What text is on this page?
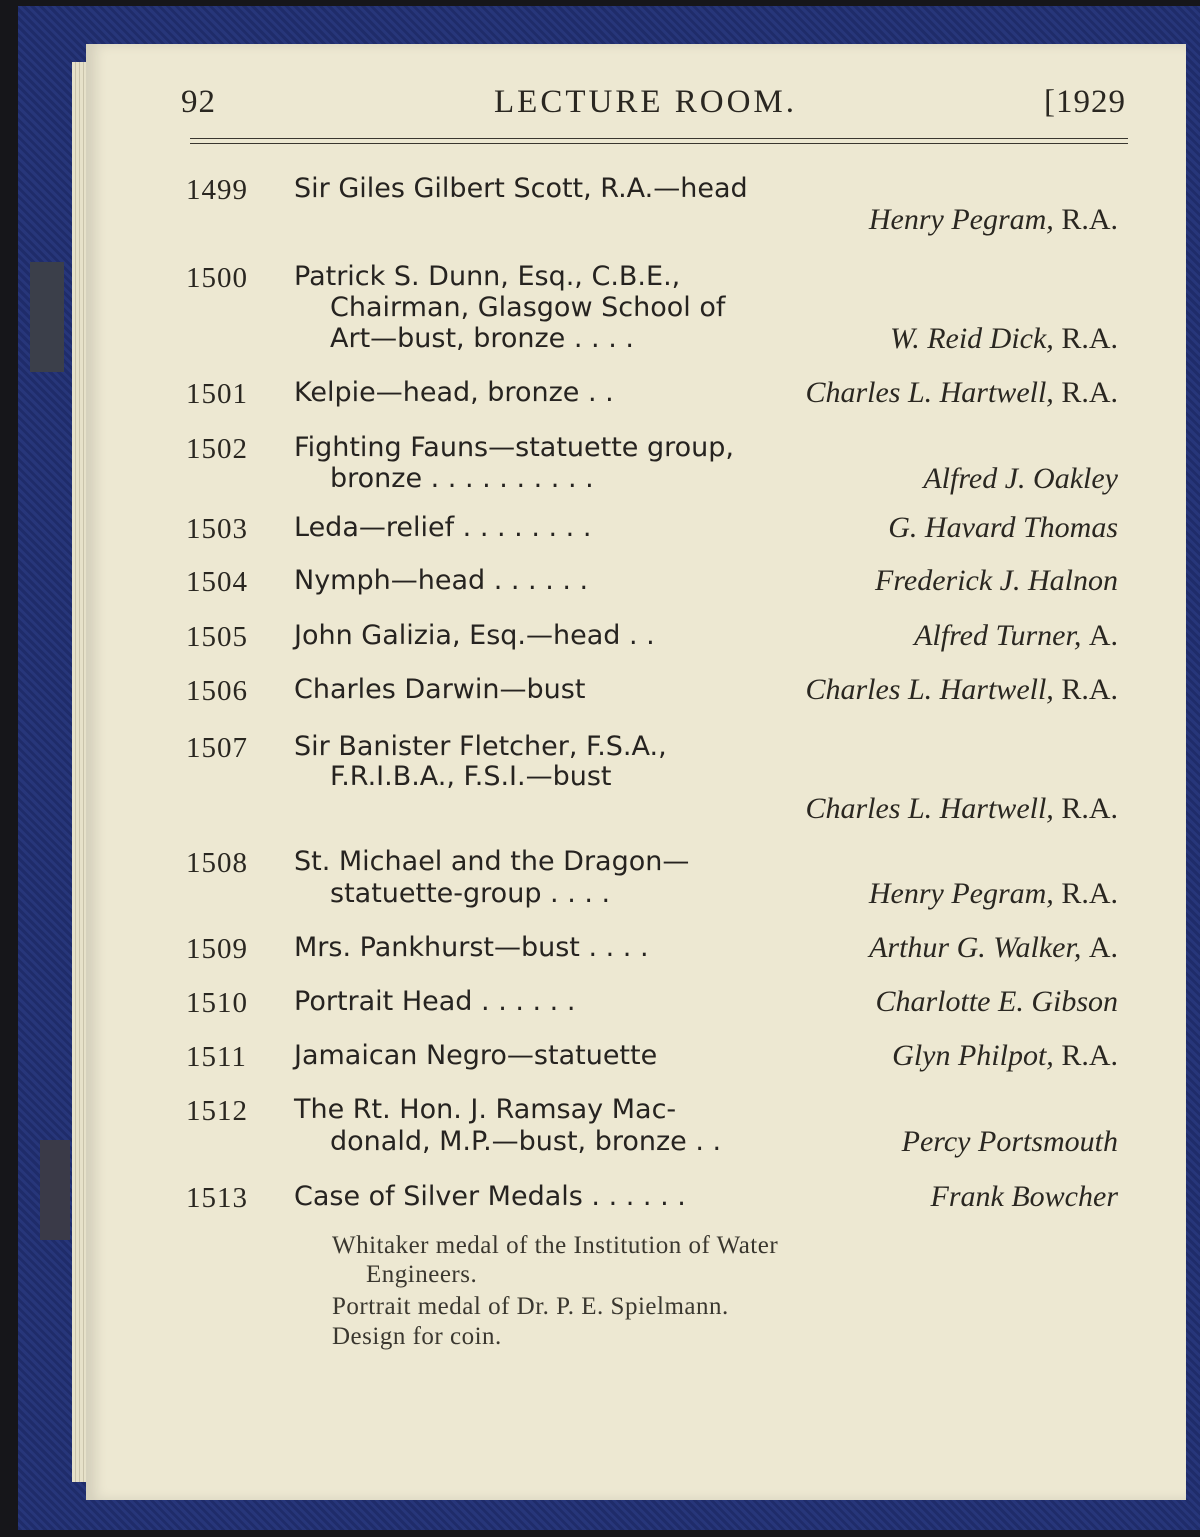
92	LECTURE ROOM.	[1929
1499 Sir Giles Gilbert Scott, R.A.—head
Henry Pegram, R.A.
1500 Patrick S. Dunn, Esq., C.B.E.,
Chairman, Glasgow School of
Art—bust, bronze . . . .	W. Reid Dick, R.A.
1501 Kelpie—head, bronze . .	Charles L. Hartwell, R.A.
1502 Fighting Fauns—statuette group,
bronze . . . . . . . . . .	Alfred J. Oakley
1503 Leda—relief . . . . . . . .	G. Havard Thomas
1504 Nymph—head . . . . . .	Frederick J. Halnon
1505 John Galizia, Esq.—head . .	Alfred Turner, A.
1506 Charles Darwin—bust	Charles L. Hartwell, R.A.
1507 Sir Banister Fletcher, F.S.A.,
F.R.I.B.A., F.S.I.—bust
Charles L. Hartwell, R.A.
1508 St. Michael and the Dragon—
statuette-group . . . .	Henry Pegram, R.A.
1509 Mrs. Pankhurst—bust . . . .	Arthur G. Walker, A.
1510 Portrait Head . . . . . .	Charlotte E. Gibson
1511 Jamaican Negro—statuette	Glyn Philpot, R.A.
1512 The Rt. Hon. J. Ramsay Mac-
donald, M.P.—bust, bronze . .	Percy Portsmouth
1513 Case of Silver Medals . . . . . .	Frank Bowcher
Whitaker medal of the Institution of Water
Engineers.
Portrait medal of Dr. P. E. Spielmann.
Design for coin.
